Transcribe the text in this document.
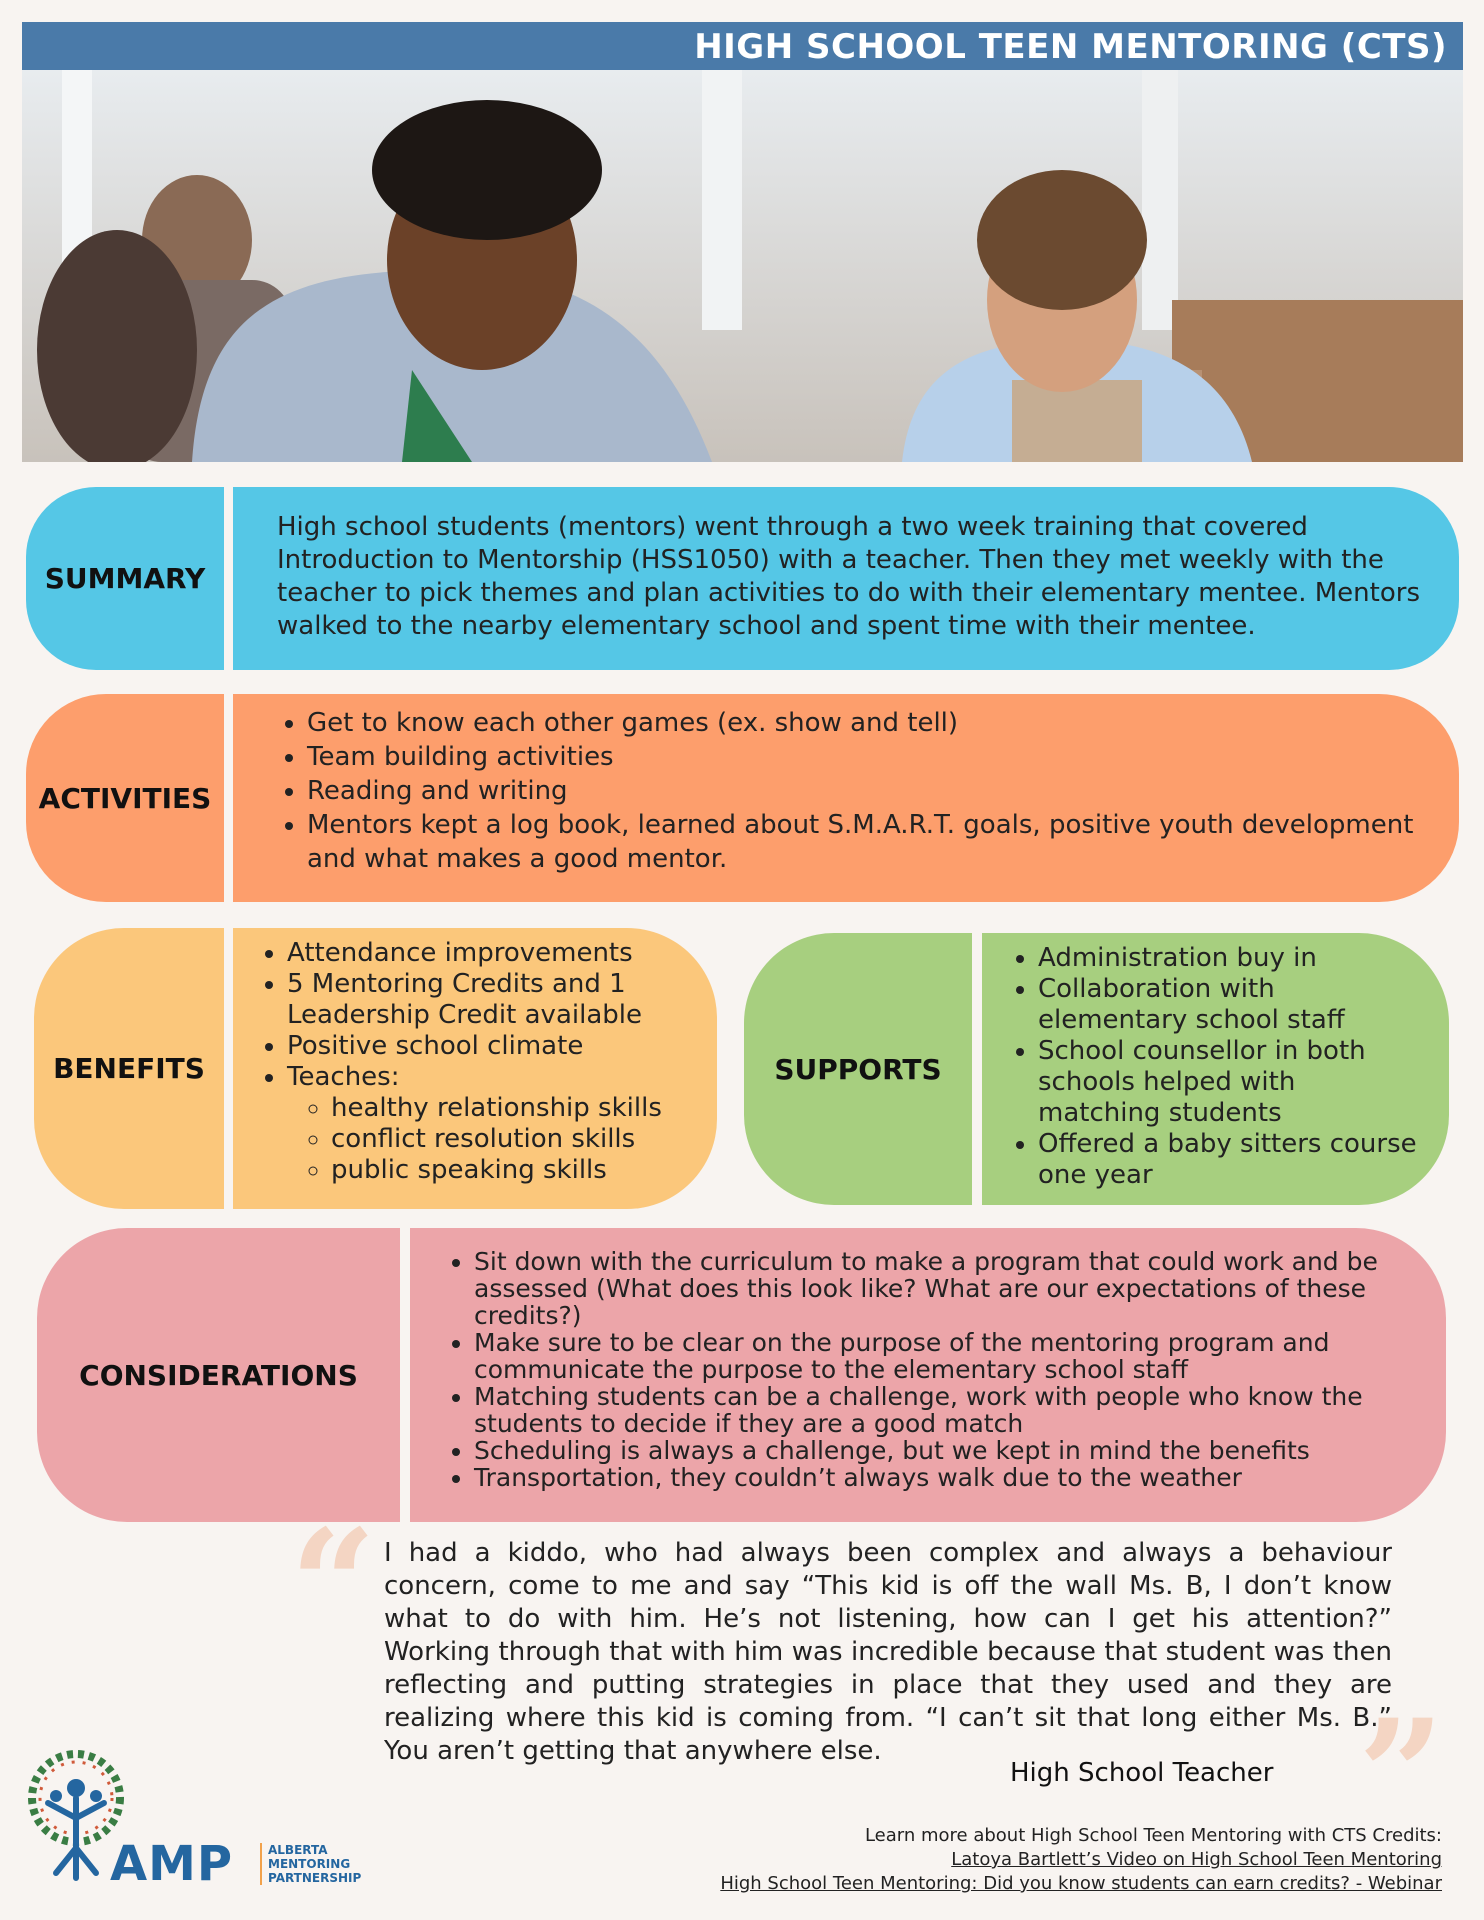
HIGH SCHOOL TEEN MENTORING (CTS)
SUMMARY
High school students (mentors) went through a two week training that covered Introduction to Mentorship (HSS1050) with a teacher. Then they met weekly with the teacher to pick themes and plan activities to do with their elementary mentee. Mentors walked to the nearby elementary school and spent time with their mentee.
ACTIVITIES
• Get to know each other games (ex. show and tell)
• Team building activities
• Reading and writing
• Mentors kept a log book, learned about S.M.A.R.T. goals, positive youth development and what makes a good mentor.
BENEFITS
• Attendance improvements
• 5 Mentoring Credits and 1 Leadership Credit available
• Positive school climate
• Teaches:
◦ healthy relationship skills
◦ conflict resolution skills
◦ public speaking skills
SUPPORTS
• Administration buy in
• Collaboration with elementary school staff
• School counsellor in both schools helped with matching students
• Offered a baby sitters course one year
CONSIDERATIONS
• Sit down with the curriculum to make a program that could work and be assessed (What does this look like? What are our expectations of these credits?)
• Make sure to be clear on the purpose of the mentoring program and communicate the purpose to the elementary school staff
• Matching students can be a challenge, work with people who know the students to decide if they are a good match
• Scheduling is always a challenge, but we kept in mind the benefits
• Transportation, they couldn’t always walk due to the weather
“ I had a kiddo, who had always been complex and always a behaviour concern, come to me and say “This kid is off the wall Ms. B, I don’t know what to do with him. He’s not listening, how can I get his attention?” Working through that with him was incredible because that student was then reflecting and putting strategies in place that they used and they are realizing where this kid is coming from. “I can’t sit that long either Ms. B.” You aren’t getting that anywhere else.	”
High School Teacher
AMP	ALBERTA
MENTORING
PARTNERSHIP
Learn more about High School Teen Mentoring with CTS Credits:
Latoya Bartlett’s Video on High School Teen Mentoring
High School Teen Mentoring: Did you know students can earn credits? - Webinar
